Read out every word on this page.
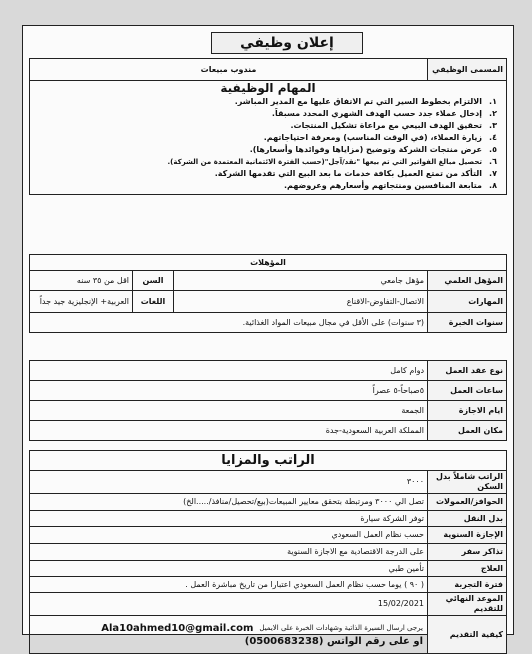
إعلان وظيفي
المسمى الوظيفي	مندوب مبيعات

المهام الوظيفية
١.
الالتزام بخطوط السير التي تم الاتفاق عليها مع المدير المباشر.
٢.
إدخال عملاء جدد حسب الهدف الشهري المحدد مسبقاً.
٣.
تحقيق الهدف البيعي مع مراعاة تشكيل المنتجات.
٤.
زيارة العملاء، (في الوقت المناسب) ومعرفة احتياجاتهم.
٥.
عرض منتجات الشركة وتوضيح (مزاياها وفوائدها وأسعارها).
٦.
تحصيل مبالغ الفواتير التي تم بيعها "نقد/آجل"(حسب الفترة الائتمانية المعتمدة من الشركة).
٧.
التأكد من تمتع العميل بكافة خدمات ما بعد البيع التي تقدمها الشركة.
٨.
متابعة المنافسين ومنتجاتهم وأسعارهم وعروضهم.
المؤهلات			
المؤهل العلمي	مؤهل جامعي	السن	اقل من ٣٥ سنه
المهارات	الاتصال-التفاوض-الاقناع	اللغات	العربية+ الإنجليزية جيد جداً
سنوات الخبرة	(٣ سنوات) على الأقل في مجال مبيعات المواد الغذائية.		
نوع عقد العمل	دوام كامل
ساعات العمل	٥صباحاً-٥ عصراً
ايام الاجازة	الجمعة
مكان العمل	المملكة العربية السعودية-جدة
الراتب والمزايا	
الراتب شاملاً بدل السكن	٣٠٠٠
الحوافز/العمولات	تصل الي ٣٠٠٠ ومرتبطة بتحقق معايير المبيعات(بيع/تحصيل/منافذ/.....الخ)
بدل النقل	توفر الشركة سيارة
الإجازة السنوية	حسب نظام العمل السعودي
تذاكر سفر	على الدرجة الاقتصادية مع الاجازة السنوية
العلاج	تأمين طبي
فترة التجربة	( ٩٠ ) يوما حسب نظام العمل السعودي اعتبارا من تاريخ مباشرة العمل .
الموعد النهائي للتقديم	15/02/2021
كيفية التقديم	يرجى ارسال السيرة الذاتية وشهادات الخبرة على الايميل
Ala10ahmed10@gmail.com
او على رقم الواتس (0500683238)
